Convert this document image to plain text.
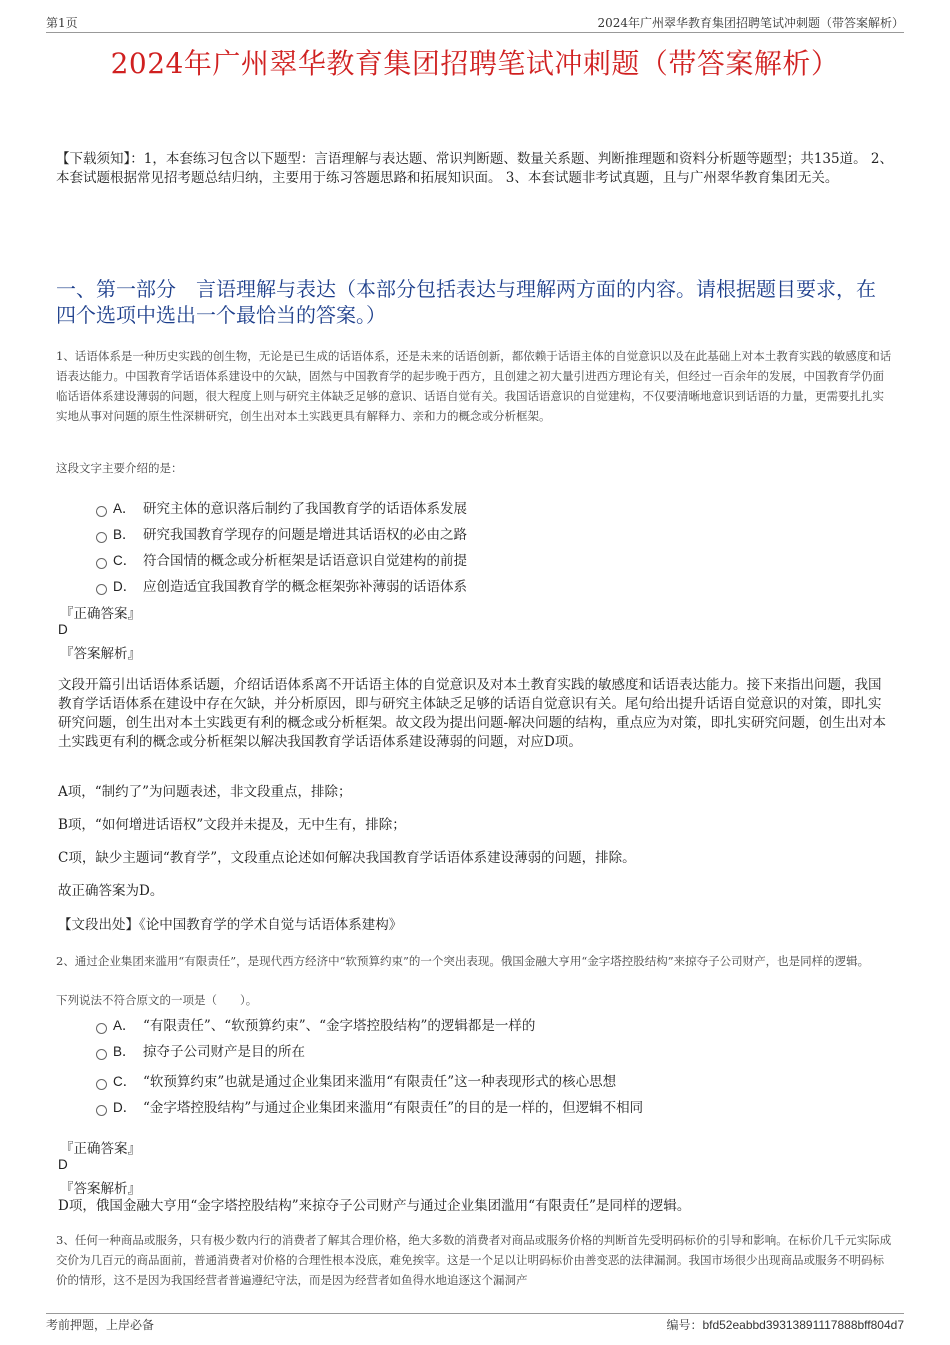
第1页	2024年广州翠华教育集团招聘笔试冲刺题（带答案解析）
2024年广州翠华教育集团招聘笔试冲刺题（带答案解析）
【下载须知】：1，本套练习包含以下题型：言语理解与表达题、常识判断题、数量关系题、判断推理题和资料分析题等题型；共135道。 2、本套试题根据常见招考题总结归纳，主要用于练习答题思路和拓展知识面。 3、本套试题非考试真题，且与广州翠华教育集团无关。
一、第一部分　言语理解与表达（本部分包括表达与理解两方面的内容。请根据题目要求，在四个选项中选出一个最恰当的答案。）
1、话语体系是一种历史实践的创生物，无论是已生成的话语体系，还是未来的话语创新，都依赖于话语主体的自觉意识以及在此基础上对本土教育实践的敏感度和话语表达能力。中国教育学话语体系建设中的欠缺，固然与中国教育学的起步晚于西方，且创建之初大量引进西方理论有关，但经过一百余年的发展，中国教育学仍面临话语体系建设薄弱的问题，很大程度上则与研究主体缺乏足够的意识、话语自觉有关。我国话语意识的自觉建构，不仅要清晰地意识到话语的力量，更需要扎扎实实地从事对问题的原生性深耕研究，创生出对本土实践更具有解释力、亲和力的概念或分析框架。
这段文字主要介绍的是：
A． 研究主体的意识落后制约了我国教育学的话语体系发展
B． 研究我国教育学现存的问题是增进其话语权的必由之路
C． 符合国情的概念或分析框架是话语意识自觉建构的前提
D． 应创造适宜我国教育学的概念框架弥补薄弱的话语体系
『正确答案』
D
『答案解析』
文段开篇引出话语体系话题，介绍话语体系离不开话语主体的自觉意识及对本土教育实践的敏感度和话语表达能力。接下来指出问题，我国教育学话语体系在建设中存在欠缺，并分析原因，即与研究主体缺乏足够的话语自觉意识有关。尾句给出提升话语自觉意识的对策，即扎实研究问题，创生出对本土实践更有利的概念或分析框架。故文段为提出问题-解决问题的结构，重点应为对策，即扎实研究问题，创生出对本土实践更有利的概念或分析框架以解决我国教育学话语体系建设薄弱的问题，对应D项。
A项，“制约了”为问题表述，非文段重点，排除；
B项，“如何增进话语权”文段并未提及，无中生有，排除；
C项，缺少主题词“教育学”，文段重点论述如何解决我国教育学话语体系建设薄弱的问题，排除。
故正确答案为D。
【文段出处】《论中国教育学的学术自觉与话语体系建构》
2、通过企业集团来滥用“有限责任”，是现代西方经济中“软预算约束”的一个突出表现。俄国金融大亨用“金字塔控股结构”来掠夺子公司财产，也是同样的逻辑。
下列说法不符合原文的一项是（　　）。
A． “有限责任”、“软预算约束”、“金字塔控股结构”的逻辑都是一样的
B． 掠夺子公司财产是目的所在
C． “软预算约束”也就是通过企业集团来滥用“有限责任”这一种表现形式的核心思想
D． “金字塔控股结构”与通过企业集团来滥用“有限责任”的目的是一样的，但逻辑不相同
『正确答案』
D
『答案解析』
D项，俄国金融大亨用“金字塔控股结构”来掠夺子公司财产与通过企业集团滥用“有限责任”是同样的逻辑。
3、任何一种商品或服务，只有极少数内行的消费者了解其合理价格，绝大多数的消费者对商品或服务价格的判断首先受明码标价的引导和影响。在标价几千元实际成交价为几百元的商品面前，普通消费者对价格的合理性根本没底，难免挨宰。这是一个足以让明码标价由善变恶的法律漏洞。我国市场很少出现商品或服务不明码标价的情形，这不是因为我国经营者普遍遵纪守法，而是因为经营者如鱼得水地追逐这个漏洞产
考前押题，上岸必备	编号：bfd52eabbd39313891117888bff804d7
